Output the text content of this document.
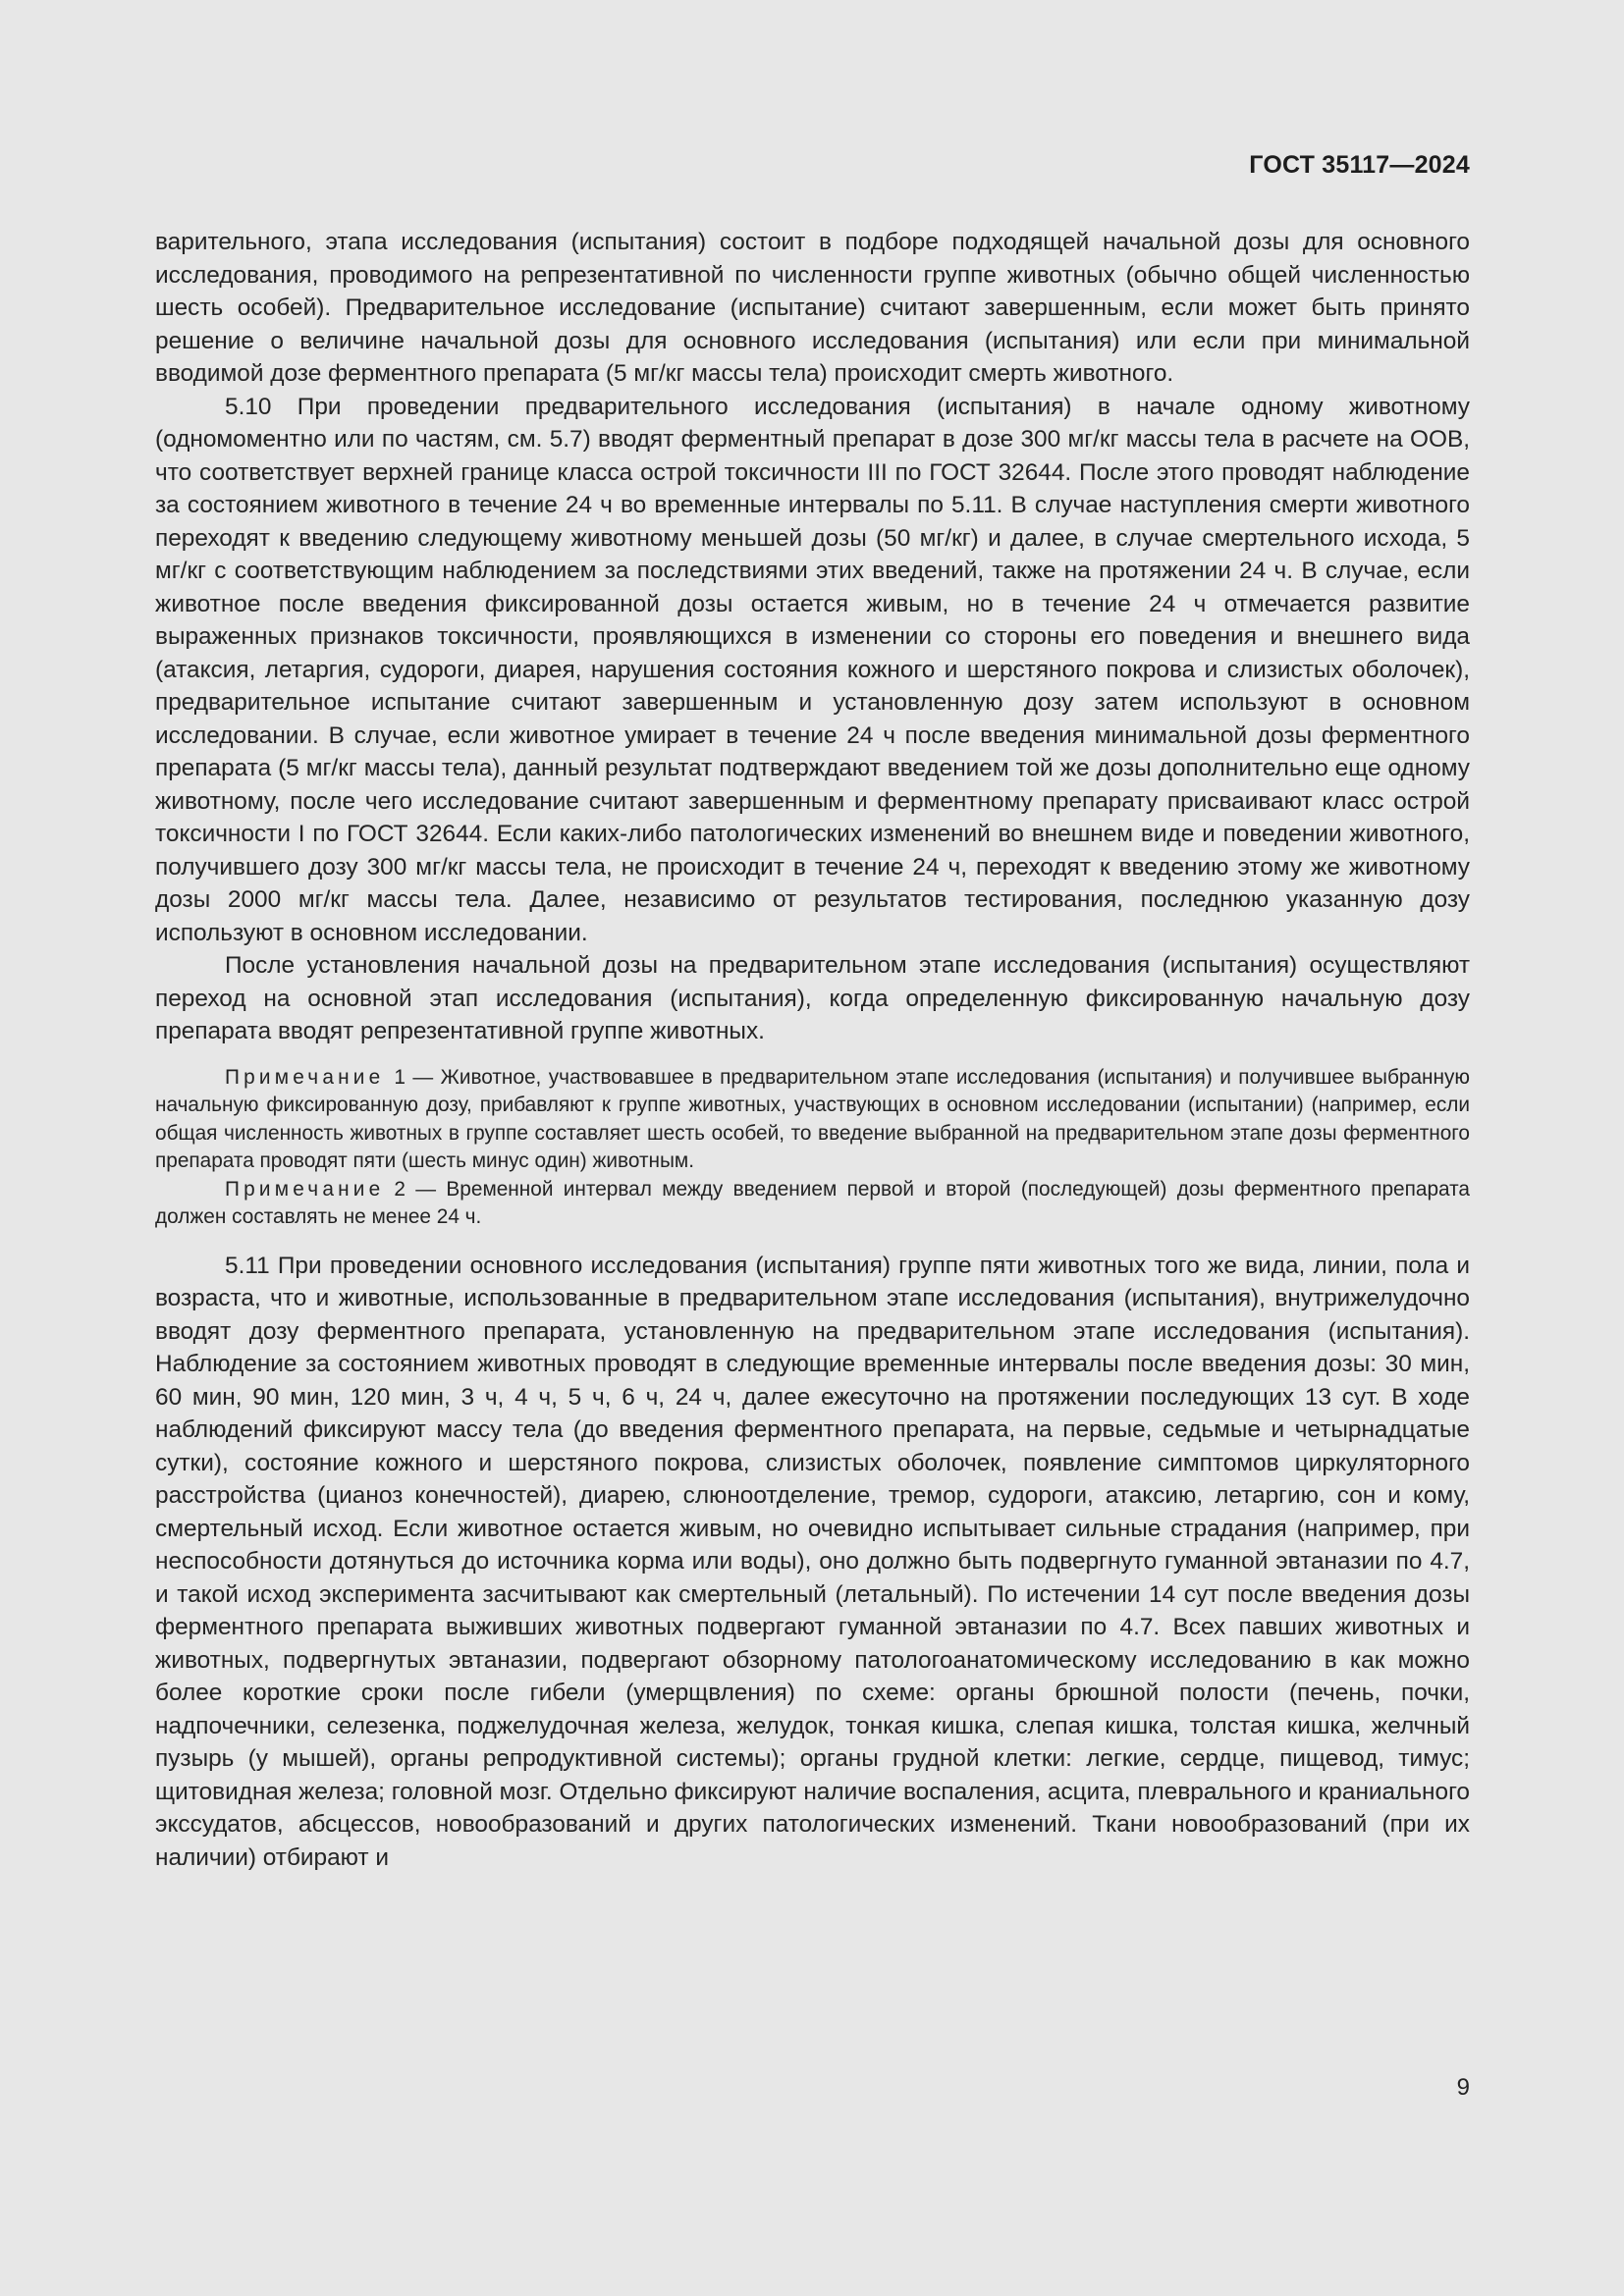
ГОСТ 35117—2024

варительного, этапа исследования (испытания) состоит в подборе подходящей начальной дозы для основного исследования, проводимого на репрезентативной по численности группе животных (обычно общей численностью шесть особей). Предварительное исследование (испытание) считают завершенным, если может быть принято решение о величине начальной дозы для основного исследования (испытания) или если при минимальной вводимой дозе ферментного препарата (5 мг/кг массы тела) происходит смерть животного.

5.10 При проведении предварительного исследования (испытания) в начале одному животному (одномоментно или по частям, см. 5.7) вводят ферментный препарат в дозе 300 мг/кг массы тела в расчете на ООВ, что соответствует верхней границе класса острой токсичности III по ГОСТ 32644. После этого проводят наблюдение за состоянием животного в течение 24 ч во временные интервалы по 5.11. В случае наступления смерти животного переходят к введению следующему животному меньшей дозы (50 мг/кг) и далее, в случае смертельного исхода, 5 мг/кг с соответствующим наблюдением за последствиями этих введений, также на протяжении 24 ч. В случае, если животное после введения фиксированной дозы остается живым, но в течение 24 ч отмечается развитие выраженных признаков токсичности, проявляющихся в изменении со стороны его поведения и внешнего вида (атаксия, летаргия, судороги, диарея, нарушения состояния кожного и шерстяного покрова и слизистых оболочек), предварительное испытание считают завершенным и установленную дозу затем используют в основном исследовании. В случае, если животное умирает в течение 24 ч после введения минимальной дозы ферментного препарата (5 мг/кг массы тела), данный результат подтверждают введением той же дозы дополнительно еще одному животному, после чего исследование считают завершенным и ферментному препарату присваивают класс острой токсичности I по ГОСТ 32644. Если каких-либо патологических изменений во внешнем виде и поведении животного, получившего дозу 300 мг/кг массы тела, не происходит в течение 24 ч, переходят к введению этому же животному дозы 2000 мг/кг массы тела. Далее, независимо от результатов тестирования, последнюю указанную дозу используют в основном исследовании.

После установления начальной дозы на предварительном этапе исследования (испытания) осуществляют переход на основной этап исследования (испытания), когда определенную фиксированную начальную дозу препарата вводят репрезентативной группе животных.

Примечание 1 — Животное, участвовавшее в предварительном этапе исследования (испытания) и получившее выбранную начальную фиксированную дозу, прибавляют к группе животных, участвующих в основном исследовании (испытании) (например, если общая численность животных в группе составляет шесть особей, то введение выбранной на предварительном этапе дозы ферментного препарата проводят пяти (шесть минус один) животным.

Примечание 2 — Временной интервал между введением первой и второй (последующей) дозы ферментного препарата должен составлять не менее 24 ч.

5.11 При проведении основного исследования (испытания) группе пяти животных того же вида, линии, пола и возраста, что и животные, использованные в предварительном этапе исследования (испытания), внутрижелудочно вводят дозу ферментного препарата, установленную на предварительном этапе исследования (испытания). Наблюдение за состоянием животных проводят в следующие временные интервалы после введения дозы: 30 мин, 60 мин, 90 мин, 120 мин, 3 ч, 4 ч, 5 ч, 6 ч, 24 ч, далее ежесуточно на протяжении последующих 13 сут. В ходе наблюдений фиксируют массу тела (до введения ферментного препарата, на первые, седьмые и четырнадцатые сутки), состояние кожного и шерстяного покрова, слизистых оболочек, появление симптомов циркуляторного расстройства (цианоз конечностей), диарею, слюноотделение, тремор, судороги, атаксию, летаргию, сон и кому, смертельный исход. Если животное остается живым, но очевидно испытывает сильные страдания (например, при неспособности дотянуться до источника корма или воды), оно должно быть подвергнуто гуманной эвтаназии по 4.7, и такой исход эксперимента засчитывают как смертельный (летальный). По истечении 14 сут после введения дозы ферментного препарата выживших животных подвергают гуманной эвтаназии по 4.7. Всех павших животных и животных, подвергнутых эвтаназии, подвергают обзорному патологоанатомическому исследованию в как можно более короткие сроки после гибели (умерщвления) по схеме: органы брюшной полости (печень, почки, надпочечники, селезенка, поджелудочная железа, желудок, тонкая кишка, слепая кишка, толстая кишка, желчный пузырь (у мышей), органы репродуктивной системы); органы грудной клетки: легкие, сердце, пищевод, тимус; щитовидная железа; головной мозг. Отдельно фиксируют наличие воспаления, асцита, плеврального и краниального экссудатов, абсцессов, новообразований и других патологических изменений. Ткани новообразований (при их наличии) отбирают и

9
